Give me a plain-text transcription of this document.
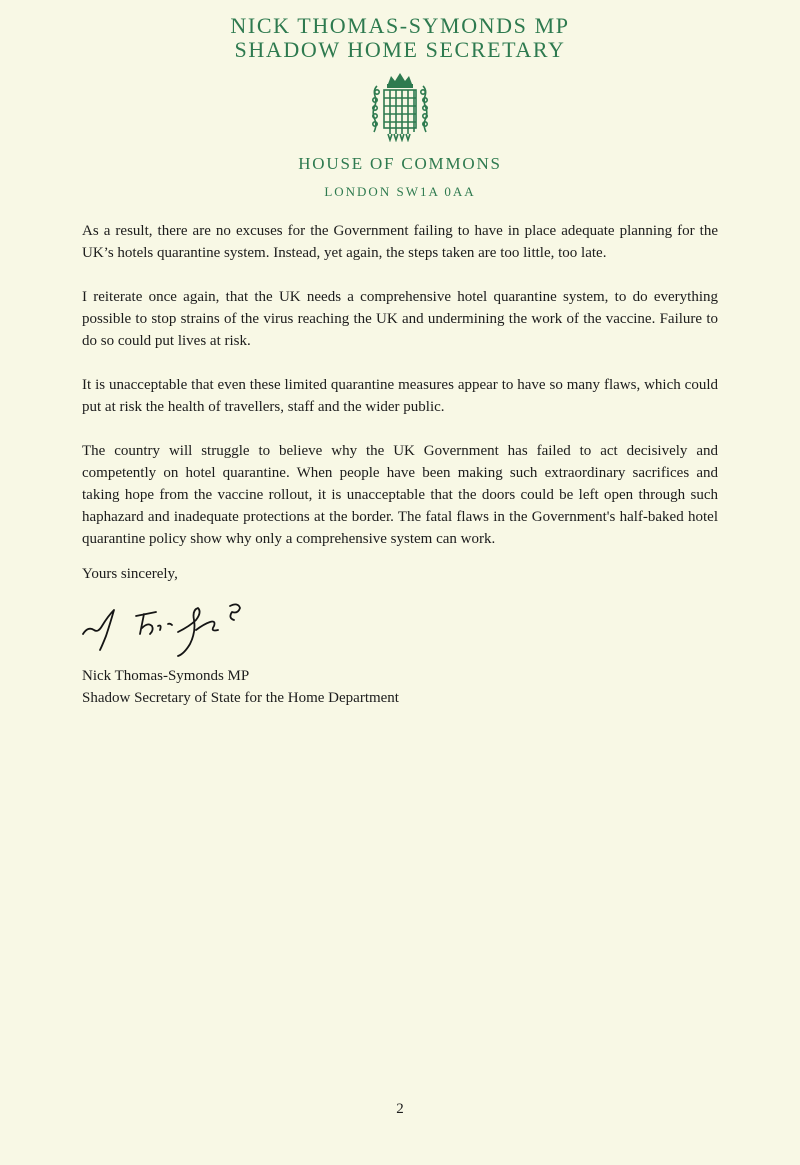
NICK THOMAS-SYMONDS MP
SHADOW HOME SECRETARY
HOUSE OF COMMONS
LONDON SW1A 0AA

As a result, there are no excuses for the Government failing to have in place adequate planning for the UK’s hotels quarantine system. Instead, yet again, the steps taken are too little, too late.

I reiterate once again, that the UK needs a comprehensive hotel quarantine system, to do everything possible to stop strains of the virus reaching the UK and undermining the work of the vaccine. Failure to do so could put lives at risk.

It is unacceptable that even these limited quarantine measures appear to have so many flaws, which could put at risk the health of travellers, staff and the wider public.

The country will struggle to believe why the UK Government has failed to act decisively and competently on hotel quarantine. When people have been making such extraordinary sacrifices and taking hope from the vaccine rollout, it is unacceptable that the doors could be left open through such haphazard and inadequate protections at the border. The fatal flaws in the Government's half-baked hotel quarantine policy show why only a comprehensive system can work.

Yours sincerely,
Nick Thomas-Symonds MP
Shadow Secretary of State for the Home Department
2
